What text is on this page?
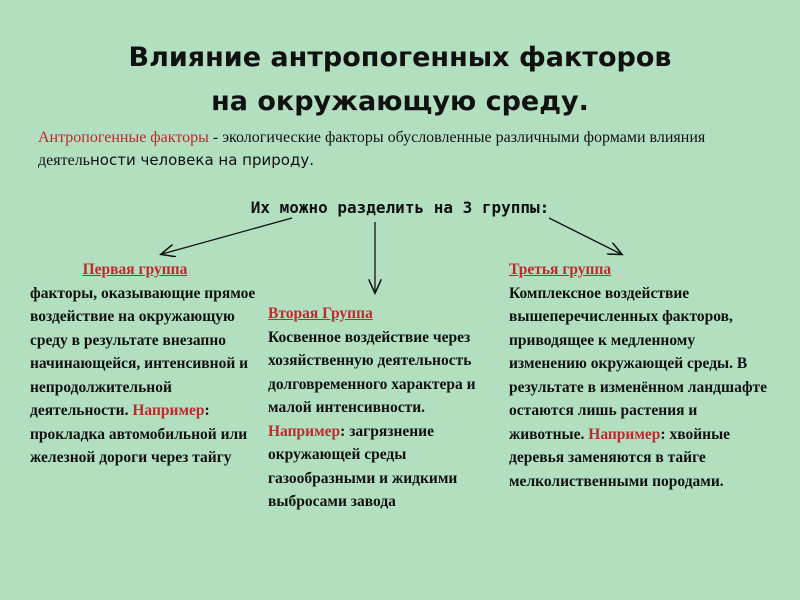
Влияние антропогенных факторов
на окружающую среду.
Антропогенные факторы - экологические факторы обусловленные различными формами влияния деятельности человека на природу.
Их можно разделить на 3 группы:
Первая группа
факторы, оказывающие прямое воздействие на окружающую среду в результате внезапно начинающейся, интенсивной и непродолжительной деятельности. Например: прокладка автомобильной или железной дороги через тайгу
Вторая Группа
Косвенное воздействие через хозяйственную деятельность долговременного характера и малой интенсивности. Например: загрязнение окружающей среды газообразными и жидкими выбросами завода
Третья группа
Комплексное воздействие вышеперечисленных факторов, приводящее к медленному изменению окружающей среды. В результате в изменённом ландшафте остаются лишь растения и животные. Например: хвойные деревья заменяются в тайге мелколиственными породами.
